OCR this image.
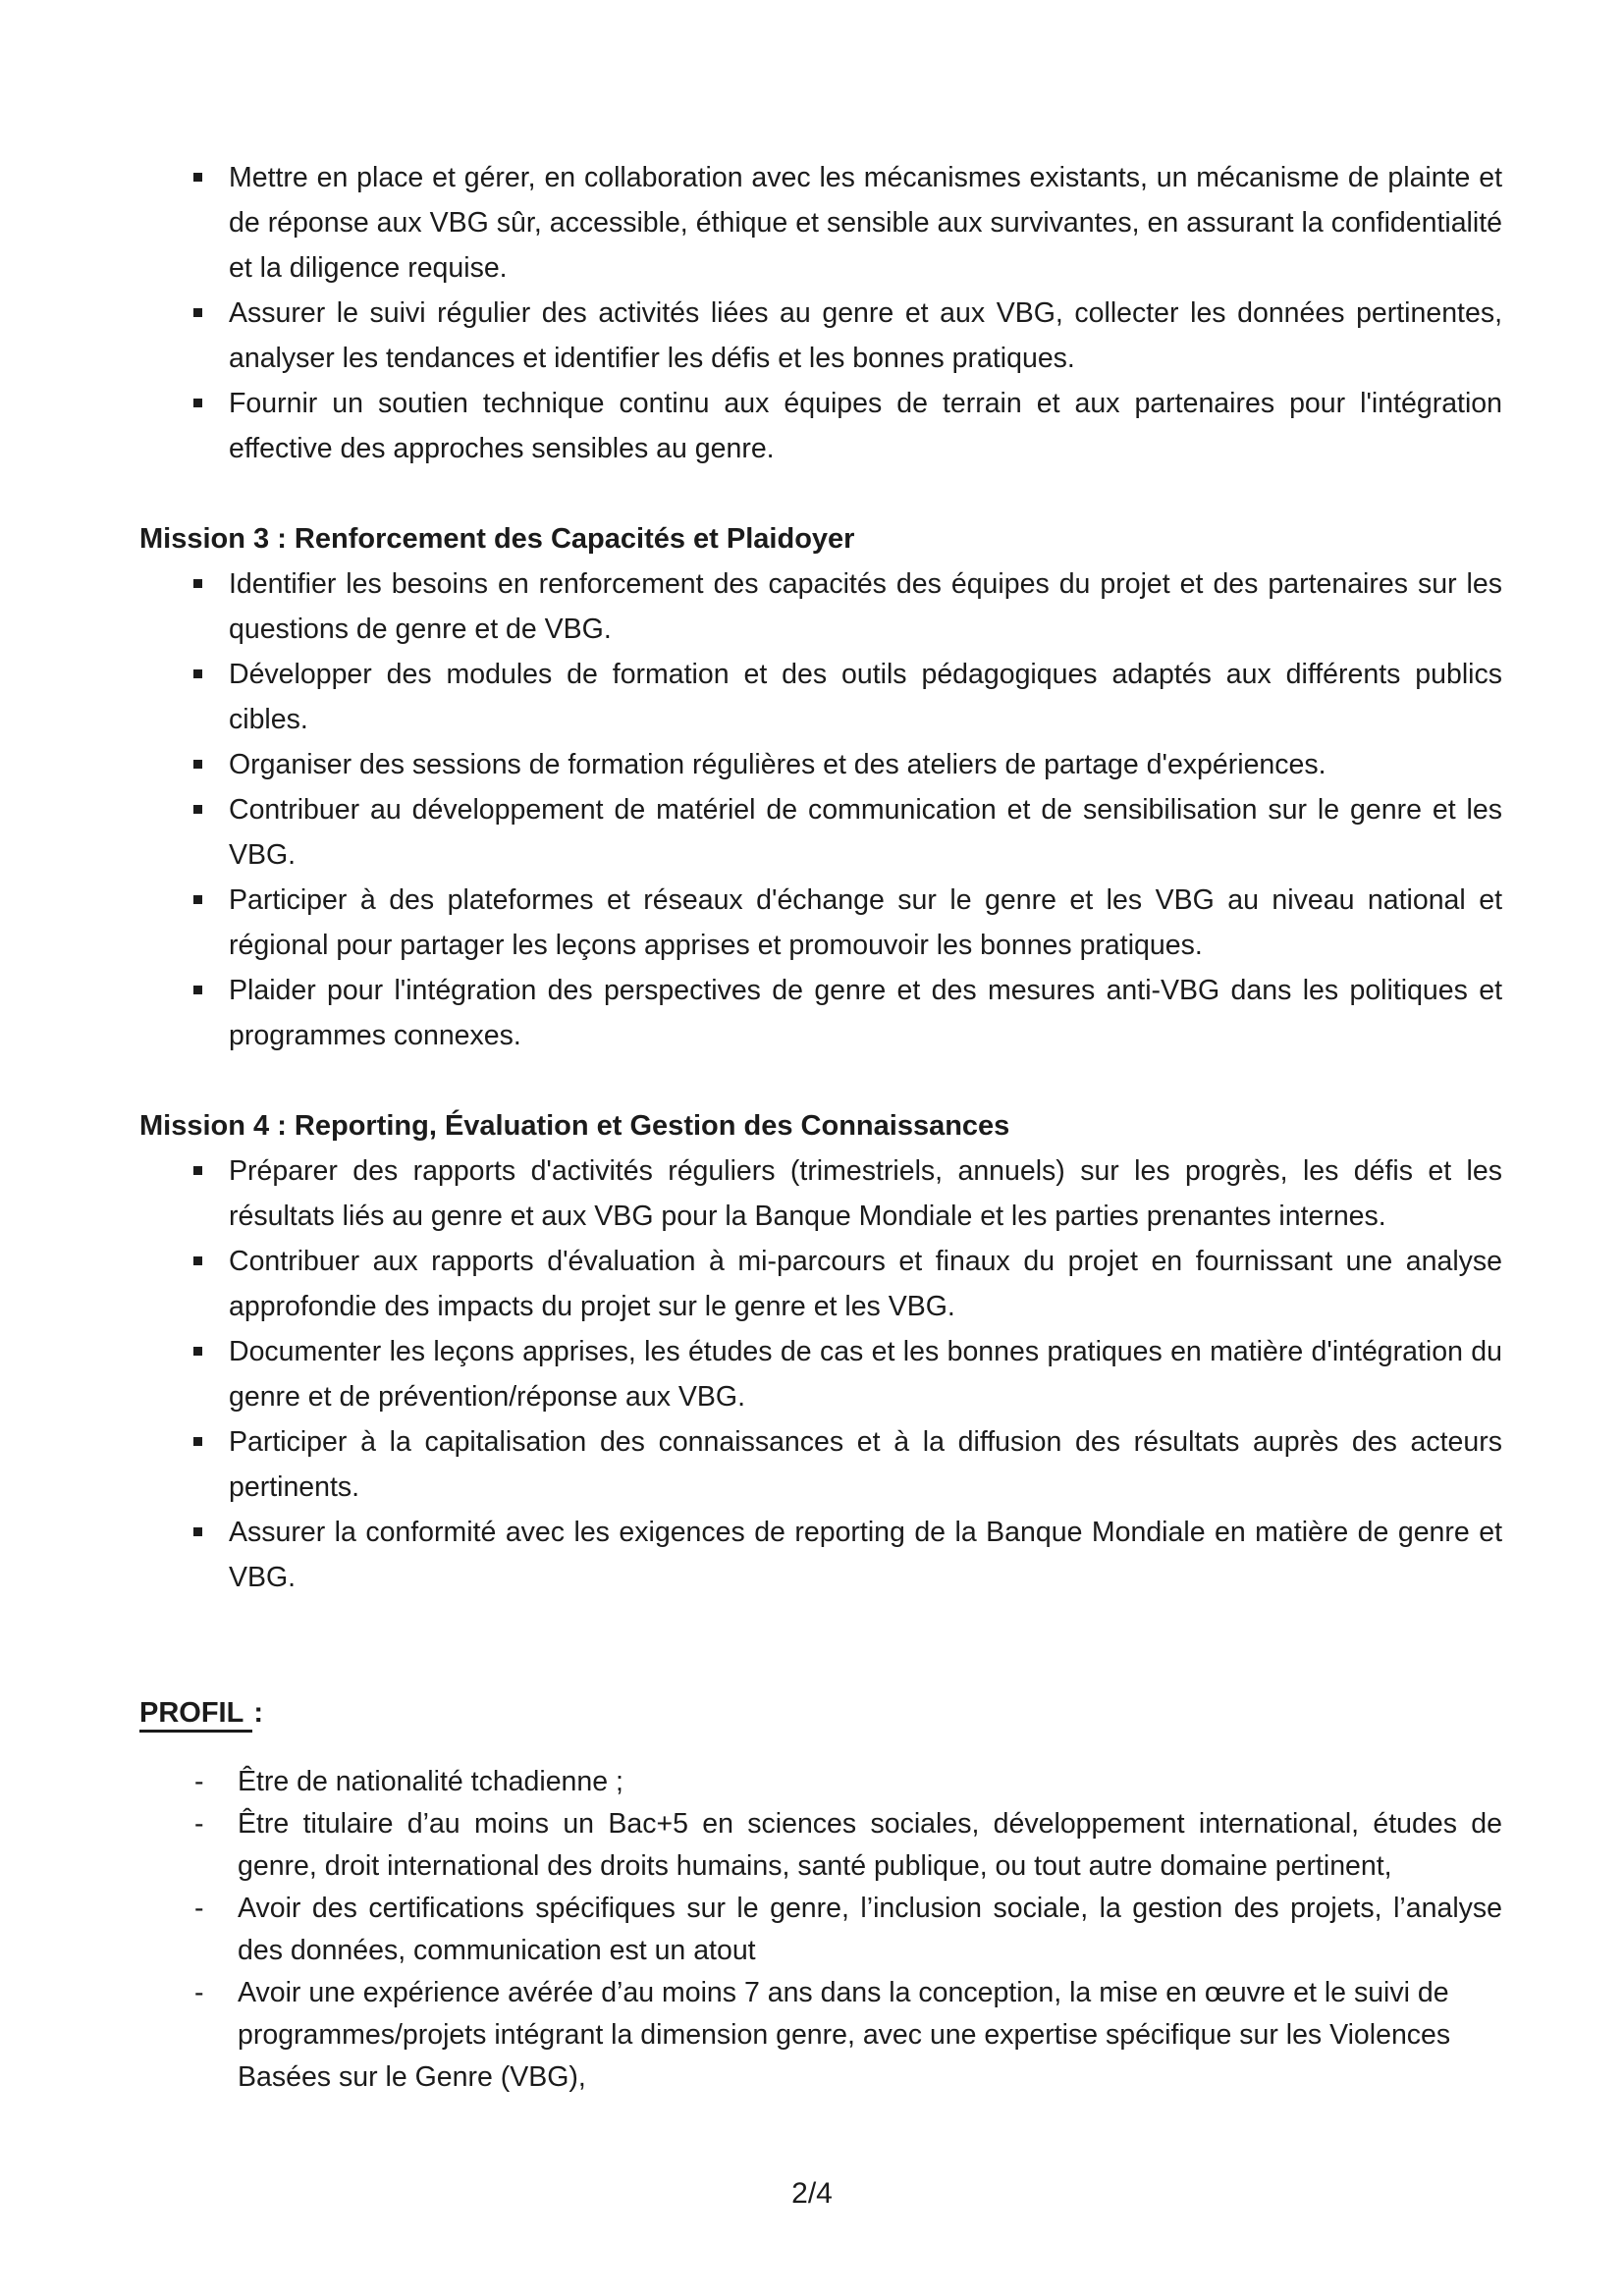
Mettre en place et gérer, en collaboration avec les mécanismes existants, un mécanisme de plainte et de réponse aux VBG sûr, accessible, éthique et sensible aux survivantes, en assurant la confidentialité et la diligence requise.

Assurer le suivi régulier des activités liées au genre et aux VBG, collecter les données pertinentes, analyser les tendances et identifier les défis et les bonnes pratiques.

Fournir un soutien technique continu aux équipes de terrain et aux partenaires pour l'intégration effective des approches sensibles au genre.

Mission 3 : Renforcement des Capacités et Plaidoyer

Identifier les besoins en renforcement des capacités des équipes du projet et des partenaires sur les questions de genre et de VBG.

Développer des modules de formation et des outils pédagogiques adaptés aux différents publics cibles.

Organiser des sessions de formation régulières et des ateliers de partage d'expériences.

Contribuer au développement de matériel de communication et de sensibilisation sur le genre et les VBG.

Participer à des plateformes et réseaux d'échange sur le genre et les VBG au niveau national et régional pour partager les leçons apprises et promouvoir les bonnes pratiques.

Plaider pour l'intégration des perspectives de genre et des mesures anti-VBG dans les politiques et programmes connexes.

Mission 4 : Reporting, Évaluation et Gestion des Connaissances

Préparer des rapports d'activités réguliers (trimestriels, annuels) sur les progrès, les défis et les résultats liés au genre et aux VBG pour la Banque Mondiale et les parties prenantes internes.

Contribuer aux rapports d'évaluation à mi-parcours et finaux du projet en fournissant une analyse approfondie des impacts du projet sur le genre et les VBG.

Documenter les leçons apprises, les études de cas et les bonnes pratiques en matière d'intégration du genre et de prévention/réponse aux VBG.

Participer à la capitalisation des connaissances et à la diffusion des résultats auprès des acteurs pertinents.

Assurer la conformité avec les exigences de reporting de la Banque Mondiale en matière de genre et VBG.

PROFIL :
- Être de nationalité tchadienne ;

- Être titulaire d’au moins un Bac+5 en sciences sociales, développement international, études de genre, droit international des droits humains, santé publique, ou tout autre domaine pertinent,

- Avoir des certifications spécifiques sur le genre, l’inclusion sociale, la gestion des projets, l’analyse des données, communication est un atout

- Avoir une expérience avérée d’au moins 7 ans dans la conception, la mise en œuvre et le suivi de programmes/projets intégrant la dimension genre, avec une expertise spécifique sur les Violences Basées sur le Genre (VBG),

2/4
